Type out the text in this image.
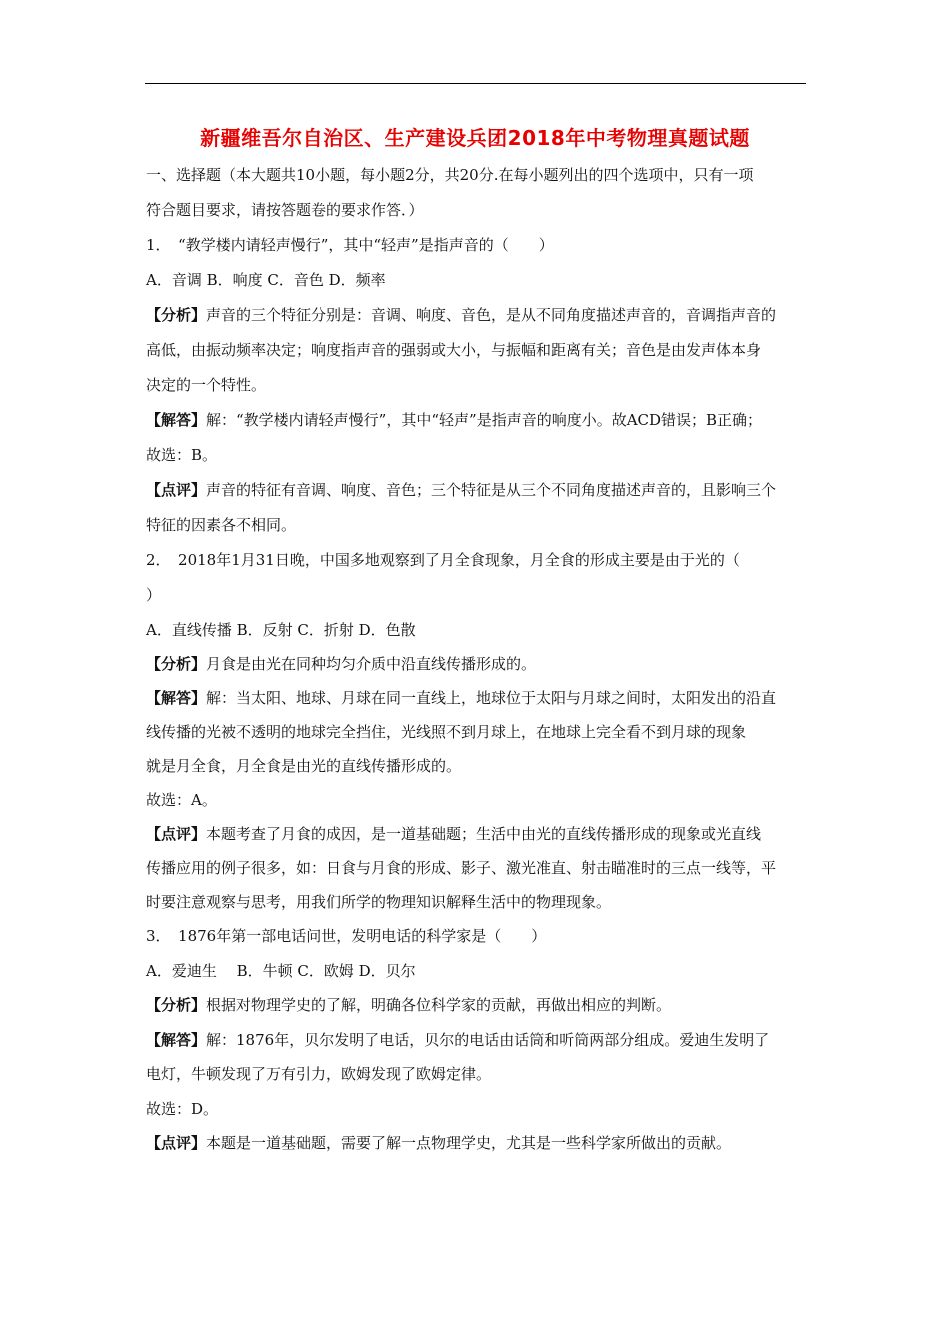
新疆维吾尔自治区、生产建设兵团2018年中考物理真题试题
一、选择题（本大题共10小题，每小题2分，共20分.在每小题列出的四个选项中，只有一项
符合题目要求，请按答题卷的要求作答．）
1．　“教学楼内请轻声慢行”，其中“轻声”是指声音的（　　）
A．音调 B．响度 C．音色 D．频率
【分析】声音的三个特征分别是：音调、响度、音色，是从不同角度描述声音的，音调指声音的
高低，由振动频率决定；响度指声音的强弱或大小，与振幅和距离有关；音色是由发声体本身
决定的一个特性。
【解答】解：“教学楼内请轻声慢行”，其中“轻声”是指声音的响度小。故ACD错误；B正确；
故选：B。
【点评】声音的特征有音调、响度、音色；三个特征是从三个不同角度描述声音的，且影响三个
特征的因素各不相同。
2．　2018年1月31日晚，中国多地观察到了月全食现象，月全食的形成主要是由于光的（
）
A．直线传播 B．反射 C．折射 D．色散
【分析】月食是由光在同种均匀介质中沿直线传播形成的。
【解答】解：当太阳、地球、月球在同一直线上，地球位于太阳与月球之间时，太阳发出的沿直
线传播的光被不透明的地球完全挡住，光线照不到月球上，在地球上完全看不到月球的现象
就是月全食，月全食是由光的直线传播形成的。
故选：A。
【点评】本题考查了月食的成因，是一道基础题；生活中由光的直线传播形成的现象或光直线
传播应用的例子很多，如：日食与月食的形成、影子、激光准直、射击瞄准时的三点一线等，平
时要注意观察与思考，用我们所学的物理知识解释生活中的物理现象。
3．　1876年第一部电话问世，发明电话的科学家是（　　）
A．爱迪生　 B．牛顿 C．欧姆 D．贝尔
【分析】根据对物理学史的了解，明确各位科学家的贡献，再做出相应的判断。
【解答】解：1876年，贝尔发明了电话，贝尔的电话由话筒和听筒两部分组成。爱迪生发明了
电灯，牛顿发现了万有引力，欧姆发现了欧姆定律。
故选：D。
【点评】本题是一道基础题，需要了解一点物理学史，尤其是一些科学家所做出的贡献。
